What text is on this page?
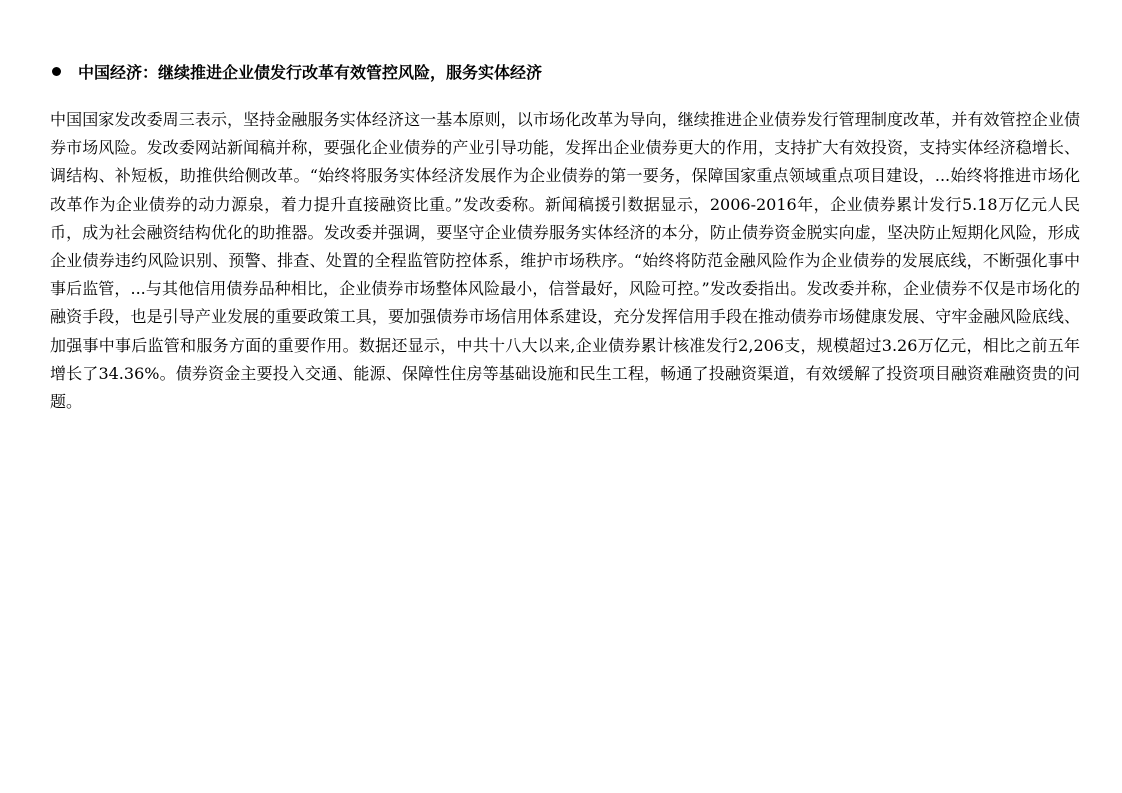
中国经济：继续推进企业债发行改革有效管控风险，服务实体经济

中国国家发改委周三表示，坚持金融服务实体经济这一基本原则，以市场化改革为导向，继续推进企业债券发行管理制度改革，并有效管控企业债券市场风险。发改委网站新闻稿并称，要强化企业债券的产业引导功能，发挥出企业债券更大的作用，支持扩大有效投资，支持实体经济稳增长、调结构、补短板，助推供给侧改革。“始终将服务实体经济发展作为企业债券的第一要务，保障国家重点领域重点项目建设，...始终将推进市场化改革作为企业债券的动力源泉，着力提升直接融资比重。”发改委称。新闻稿援引数据显示，2006-2016年，企业债券累计发行5.18万亿元人民币，成为社会融资结构优化的助推器。发改委并强调，要坚守企业债券服务实体经济的本分，防止债券资金脱实向虚，坚决防止短期化风险，形成企业债券违约风险识别、预警、排查、处置的全程监管防控体系，维护市场秩序。“始终将防范金融风险作为企业债券的发展底线，不断强化事中事后监管，...与其他信用债券品种相比，企业债券市场整体风险最小，信誉最好，风险可控。”发改委指出。发改委并称，企业债券不仅是市场化的融资手段，也是引导产业发展的重要政策工具，要加强债券市场信用体系建设，充分发挥信用手段在推动债券市场健康发展、守牢金融风险底线、加强事中事后监管和服务方面的重要作用。数据还显示，中共十八大以来,企业债券累计核准发行2,206支，规模超过3.26万亿元，相比之前五年增长了34.36%。债券资金主要投入交通、能源、保障性住房等基础设施和民生工程，畅通了投融资渠道，有效缓解了投资项目融资难融资贵的问题。
